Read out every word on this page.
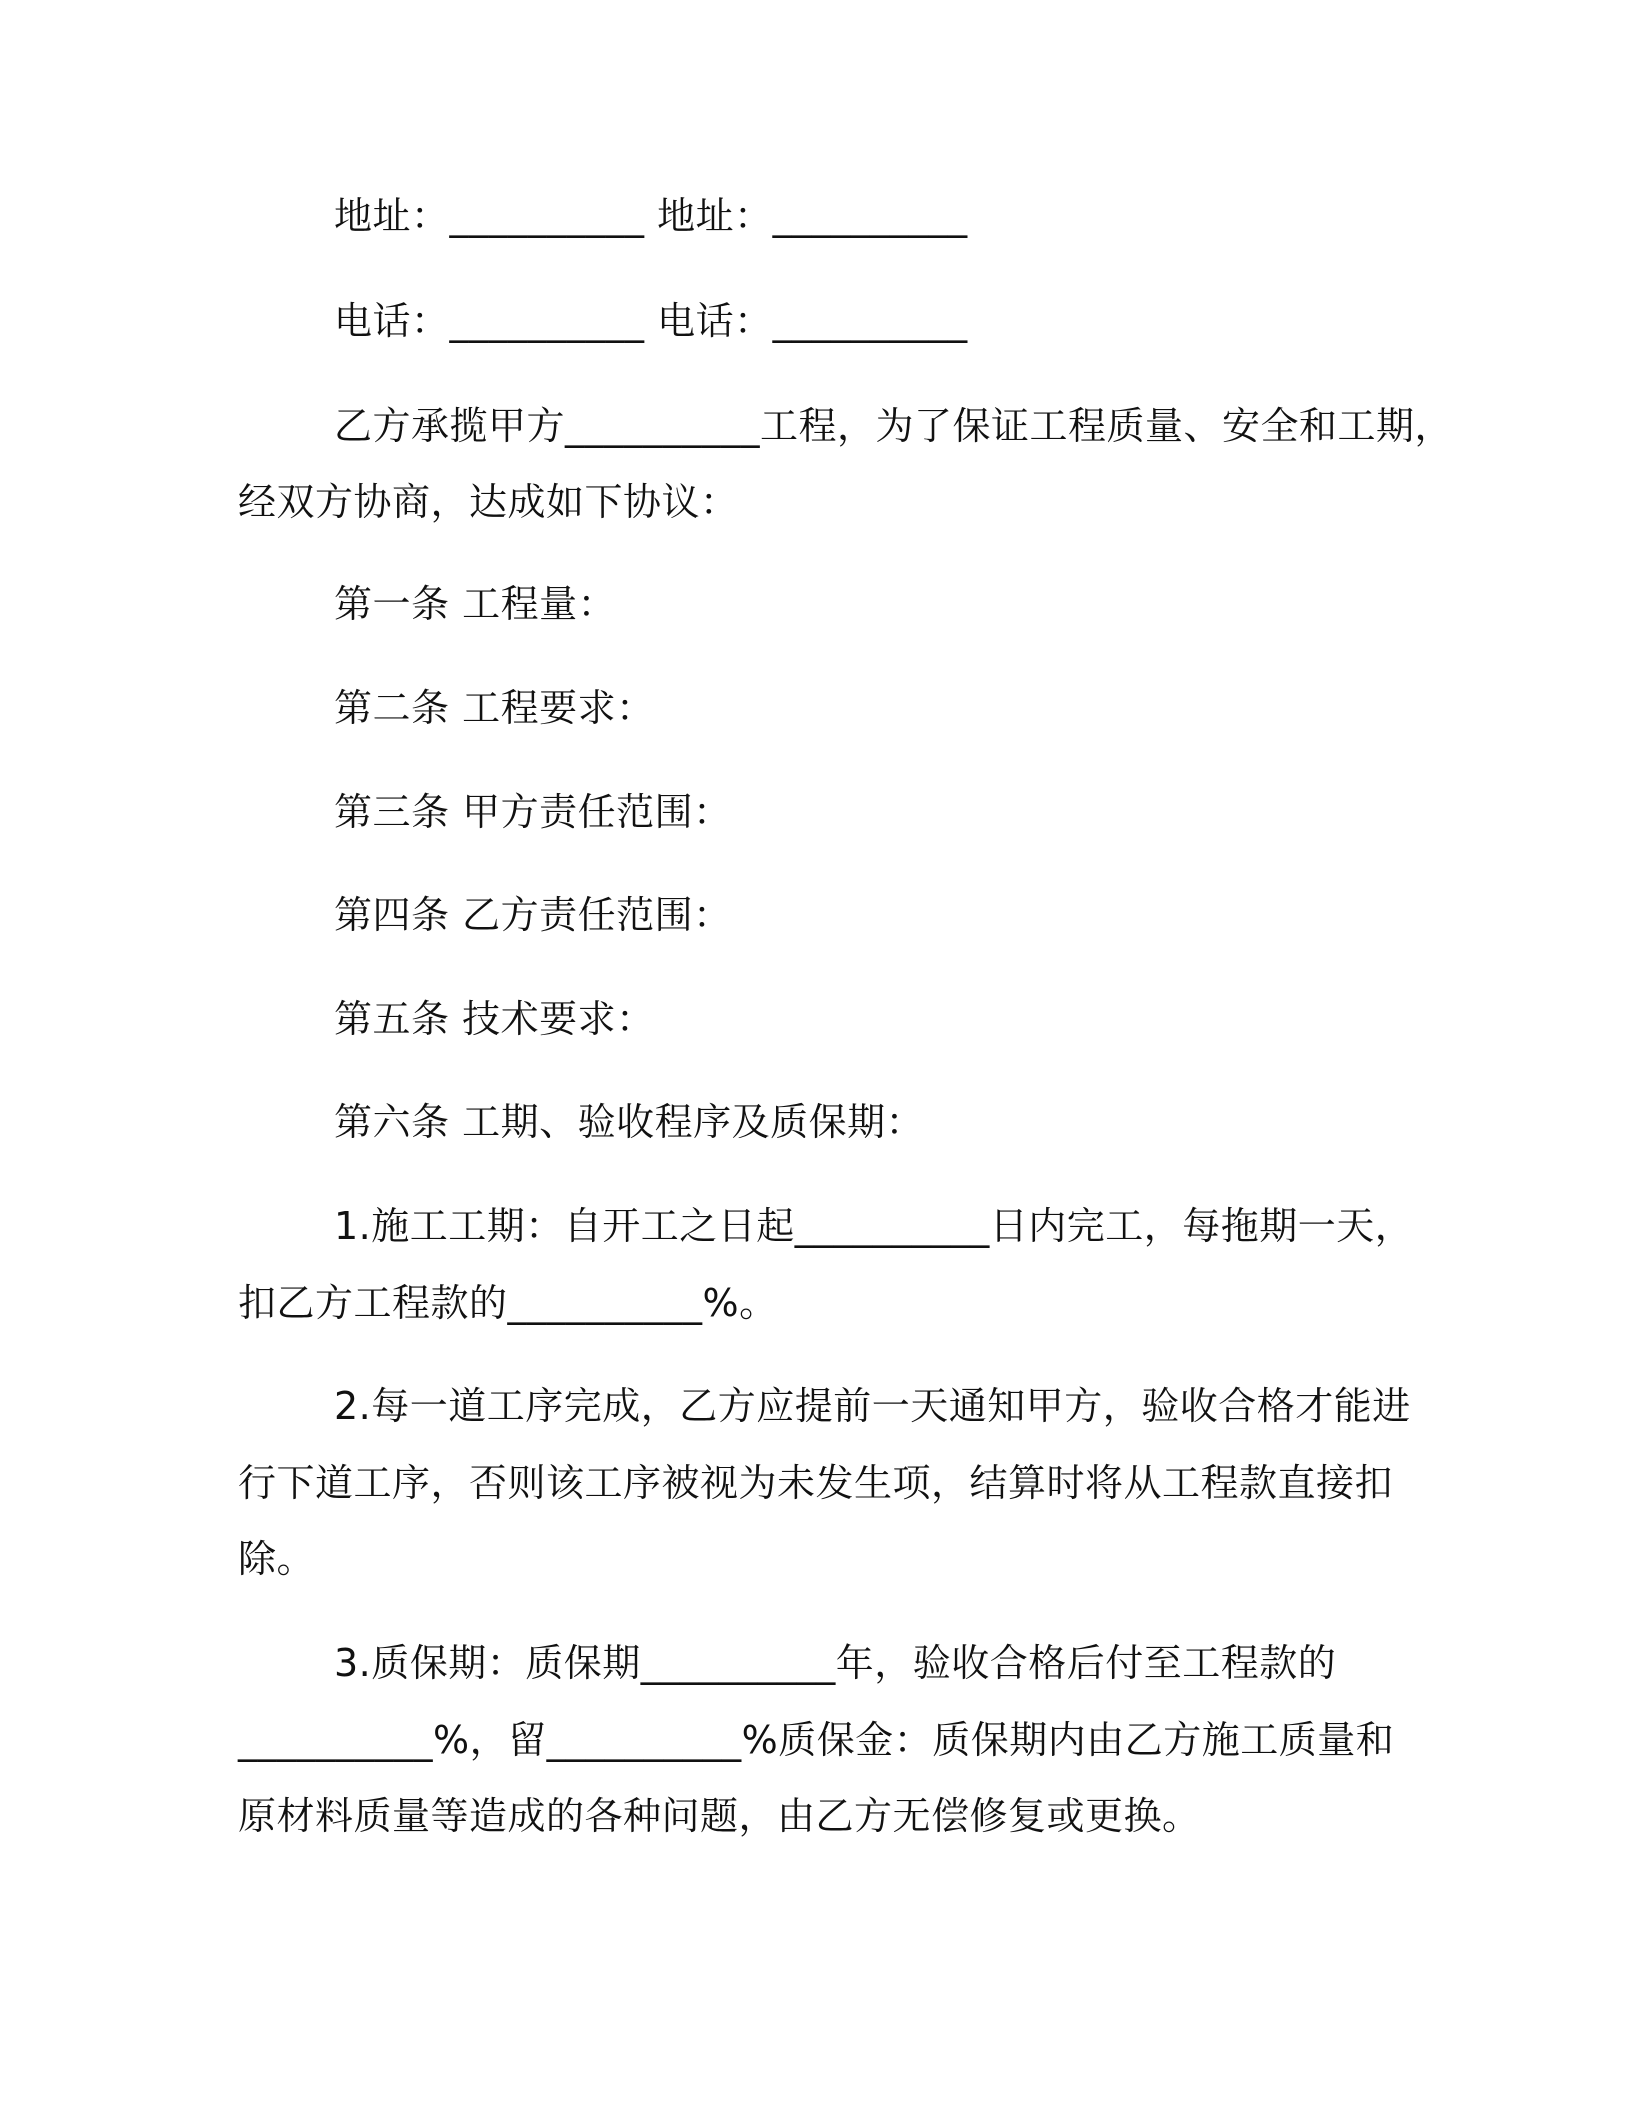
地址：__________ 地址：__________

电话：__________ 电话：__________

乙方承揽甲方__________工程，为了保证工程质量、安全和工期，

经双方协商，达成如下协议：

第一条 工程量：

第二条 工程要求：

第三条 甲方责任范围：

第四条 乙方责任范围：

第五条 技术要求：

第六条 工期、验收程序及质保期：

1.施工工期：自开工之日起__________日内完工，每拖期一天，

扣乙方工程款的__________%。

2.每一道工序完成，乙方应提前一天通知甲方，验收合格才能进

行下道工序，否则该工序被视为未发生项，结算时将从工程款直接扣

除。

3.质保期：质保期__________年，验收合格后付至工程款的

__________%，留__________%质保金：质保期内由乙方施工质量和

原材料质量等造成的各种问题，由乙方无偿修复或更换。
